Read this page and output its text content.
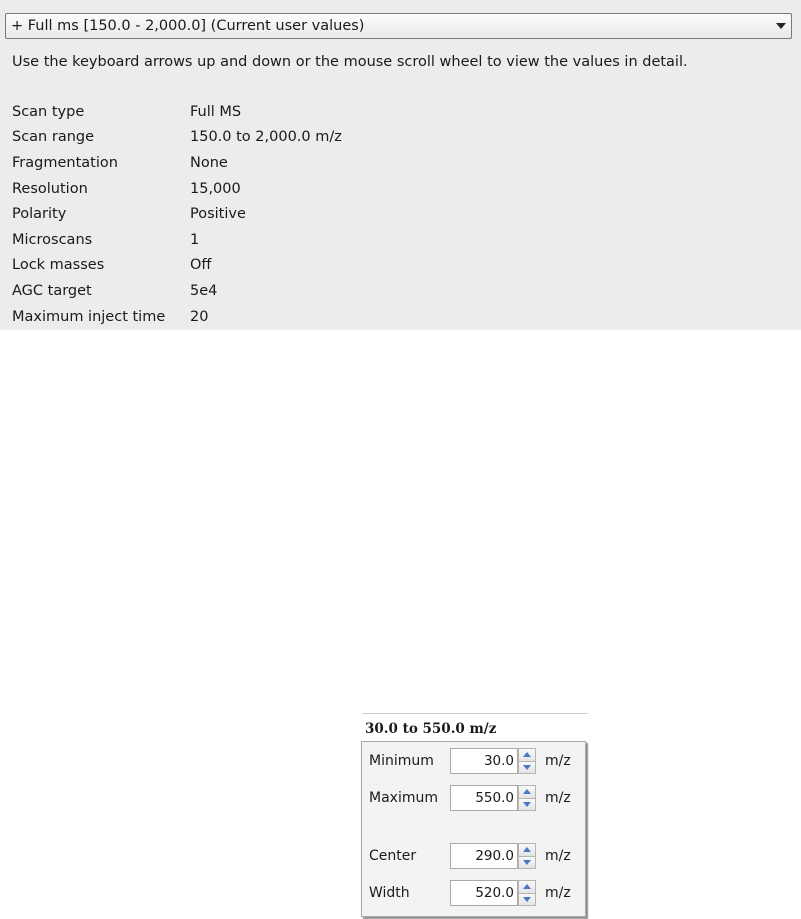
+ Full ms [150.0 - 2,000.0] (Current user values)
Use the keyboard arrows up and down or the mouse scroll wheel to view the values in detail.
Scan type	Full MS
Scan range	150.0 to 2,000.0 m/z
Fragmentation	None
Resolution	15,000
Polarity	Positive
Microscans	1
Lock masses	Off
AGC target	5e4
Maximum inject time	20
30.0 to 550.0 m/z
Minimum	30.0 m/z
Maximum	550.0 m/z
Center	290.0 m/z
Width	520.0 m/z
